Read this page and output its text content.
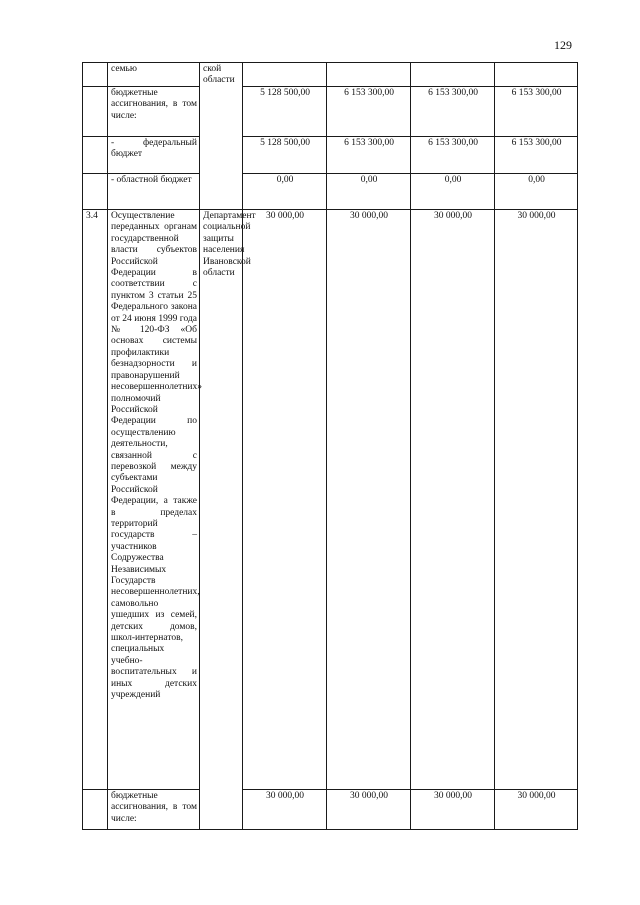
129
	семью	ской области				
	бюджетные ассигнования, в том числе:		5 128 500,00	6 153 300,00	6 153 300,00	6 153 300,00
	- федеральный бюджет		5 128 500,00	6 153 300,00	6 153 300,00	6 153 300,00
	- областной бюджет		0,00	0,00	0,00	0,00
3.4	Осуществление переданных органам государственной власти субъектов Российской Федерации в соответствии с пунктом 3 статьи 25 Федерального закона от 24 июня 1999 года № 120-ФЗ «Об основах системы профилактики безнадзорности и правонарушений несовершеннолетних» полномочий Российской Федерации по осуществлению деятельности, связанной с перевозкой между субъектами Российской Федерации, а также в пределах территорий государств – участников Содружества Независимых Государств несовершеннолетних, самовольно ушедших из семей, детских домов, школ-интернатов, специальных учебно-воспитательных и иных детских учреждений	Департамент социальной защиты населения Ивановской области	30 000,00	30 000,00	30 000,00	30 000,00
	бюджетные ассигнования, в том числе:		30 000,00	30 000,00	30 000,00	30 000,00
